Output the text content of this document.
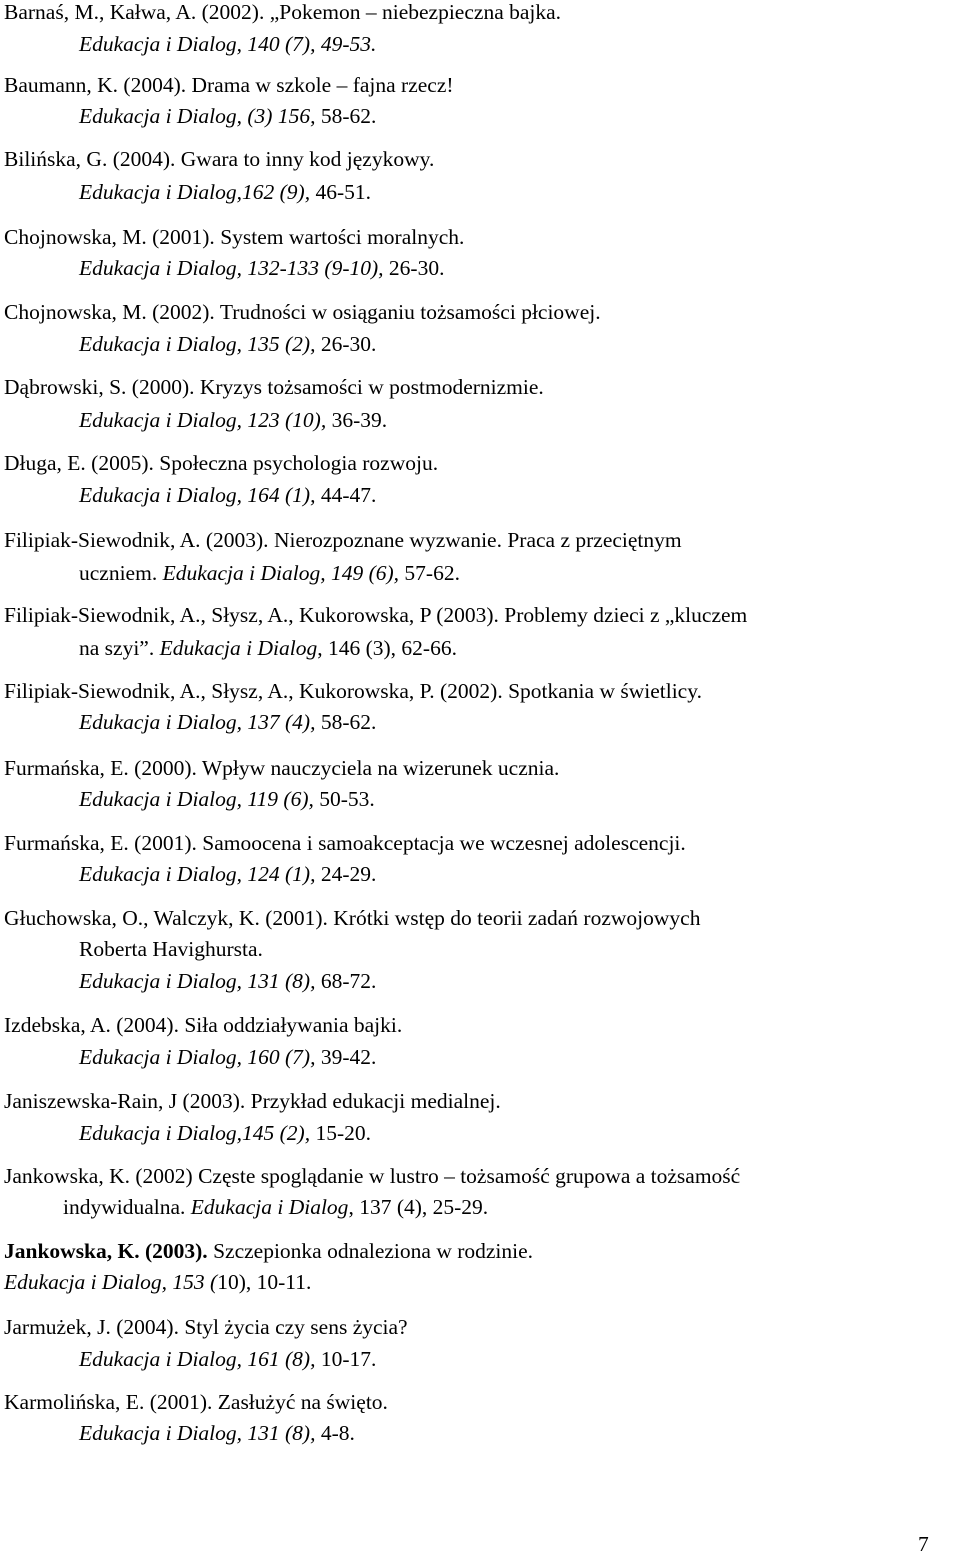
Barnaś, M., Kałwa, A. (2002). „Pokemon – niebezpieczna bajka.
Edukacja i Dialog, 140 (7), 49-53.
Baumann, K. (2004). Drama w szkole – fajna rzecz!
Edukacja i Dialog, (3) 156, 58-62.
Bilińska, G. (2004). Gwara to inny kod językowy.
Edukacja i Dialog,162 (9), 46-51.
Chojnowska, M. (2001). System wartości moralnych.
Edukacja i Dialog, 132-133 (9-10), 26-30.
Chojnowska, M. (2002). Trudności w osiąganiu tożsamości płciowej.
Edukacja i Dialog, 135 (2), 26-30.
Dąbrowski, S. (2000). Kryzys tożsamości w postmodernizmie.
Edukacja i Dialog, 123 (10), 36-39.
Długa, E. (2005). Społeczna psychologia rozwoju.
Edukacja i Dialog, 164 (1), 44-47.
Filipiak-Siewodnik, A. (2003). Nierozpoznane wyzwanie. Praca z przeciętnym
uczniem. Edukacja i Dialog, 149 (6), 57-62.
Filipiak-Siewodnik, A., Słysz, A., Kukorowska, P (2003). Problemy dzieci z „kluczem
na szyi”. Edukacja i Dialog, 146 (3), 62-66.
Filipiak-Siewodnik, A., Słysz, A., Kukorowska, P. (2002). Spotkania w świetlicy.
Edukacja i Dialog, 137 (4), 58-62.
Furmańska, E. (2000). Wpływ nauczyciela na wizerunek ucznia.
Edukacja i Dialog, 119 (6), 50-53.
Furmańska, E. (2001). Samoocena i samoakceptacja we wczesnej adolescencji.
Edukacja i Dialog, 124 (1), 24-29.
Głuchowska, O., Walczyk, K. (2001). Krótki wstęp do teorii zadań rozwojowych
Roberta Havighursta.
Edukacja i Dialog, 131 (8), 68-72.
Izdebska, A. (2004). Siła oddziaływania bajki.
Edukacja i Dialog, 160 (7), 39-42.
Janiszewska-Rain, J (2003). Przykład edukacji medialnej.
Edukacja i Dialog,145 (2), 15-20.
Jankowska, K. (2002) Częste spoglądanie w lustro – tożsamość grupowa a tożsamość
indywidualna. Edukacja i Dialog, 137 (4), 25-29.
Jankowska, K. (2003). Szczepionka odnaleziona w rodzinie.
Edukacja i Dialog, 153 (10), 10-11.
Jarmużek, J. (2004). Styl życia czy sens życia?
Edukacja i Dialog, 161 (8), 10-17.
Karmolińska, E. (2001). Zasłużyć na święto.
Edukacja i Dialog, 131 (8), 4-8.
7
